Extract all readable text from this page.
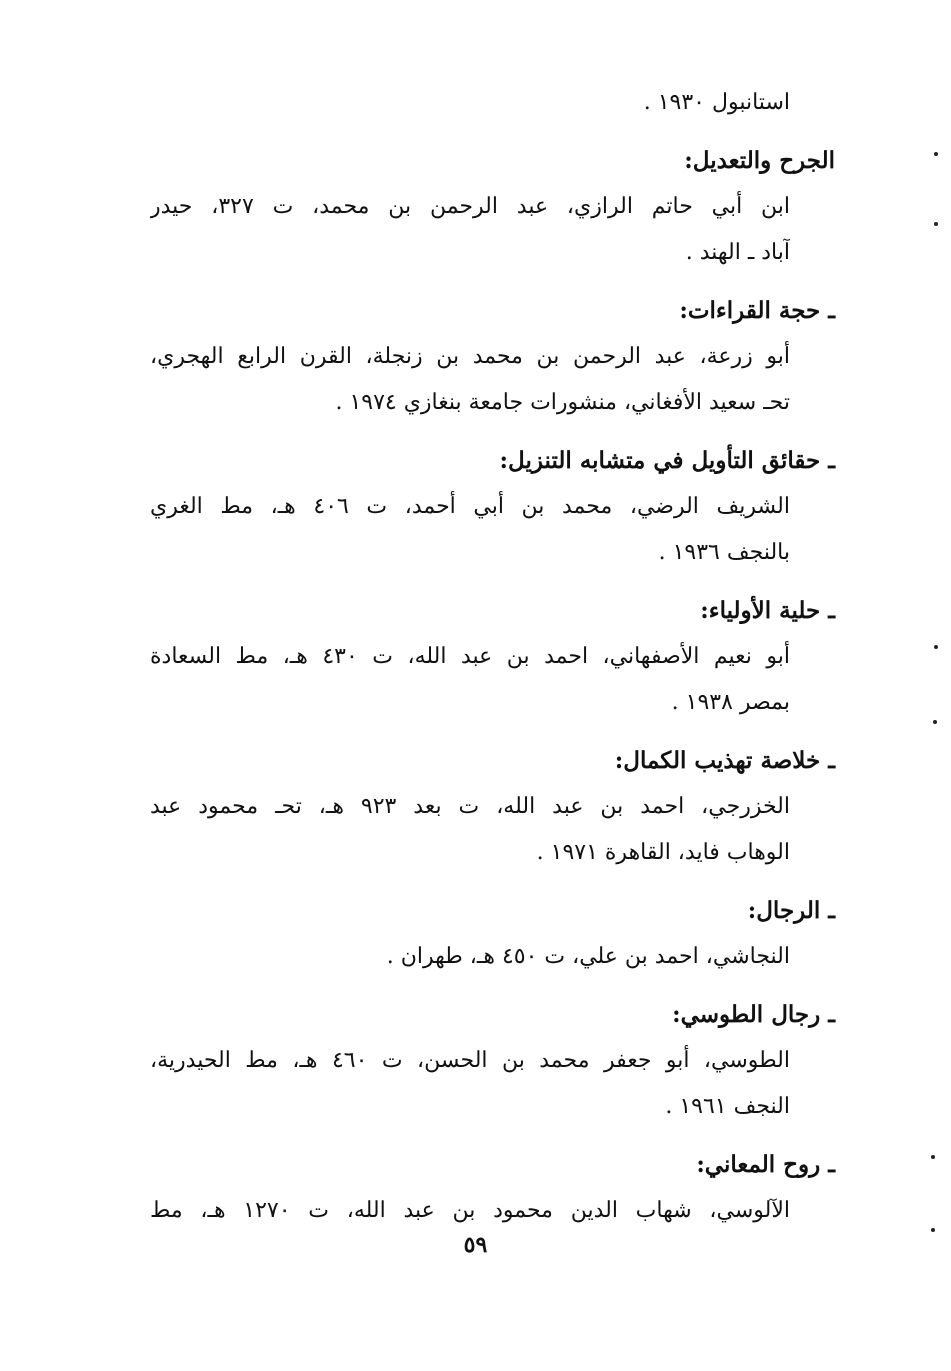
استانبول ١٩٣٠ .
الجرح والتعديل:
ابن أبي حاتم الرازي، عبد الرحمن بن محمد، ت ٣٢٧، حيدر
آباد ـ الهند .
ـ حجة القراءات:
أبو زرعة، عبد الرحمن بن محمد بن زنجلة، القرن الرابع الهجري،
تحـ سعيد الأفغاني، منشورات جامعة بنغازي ١٩٧٤ .
ـ حقائق التأويل في متشابه التنزيل:
الشريف الرضي، محمد بن أبي أحمد، ت ٤٠٦ هـ، مط الغري
بالنجف ١٩٣٦ .
ـ حلية الأولياء:
أبو نعيم الأصفهاني، احمد بن عبد الله، ت ٤٣٠ هـ، مط السعادة
بمصر ١٩٣٨ .
ـ خلاصة تهذيب الكمال:
الخزرجي، احمد بن عبد الله، ت بعد ٩٢٣ هـ، تحـ محمود عبد
الوهاب فايد، القاهرة ١٩٧١ .
ـ الرجال:
النجاشي، احمد بن علي، ت ٤٥٠ هـ، طهران .
ـ رجال الطوسي:
الطوسي، أبو جعفر محمد بن الحسن، ت ٤٦٠ هـ، مط الحيدرية،
النجف ١٩٦١ .
ـ روح المعاني:
الآلوسي، شهاب الدين محمود بن عبد الله، ت ١٢٧٠ هـ، مط
٥٩
